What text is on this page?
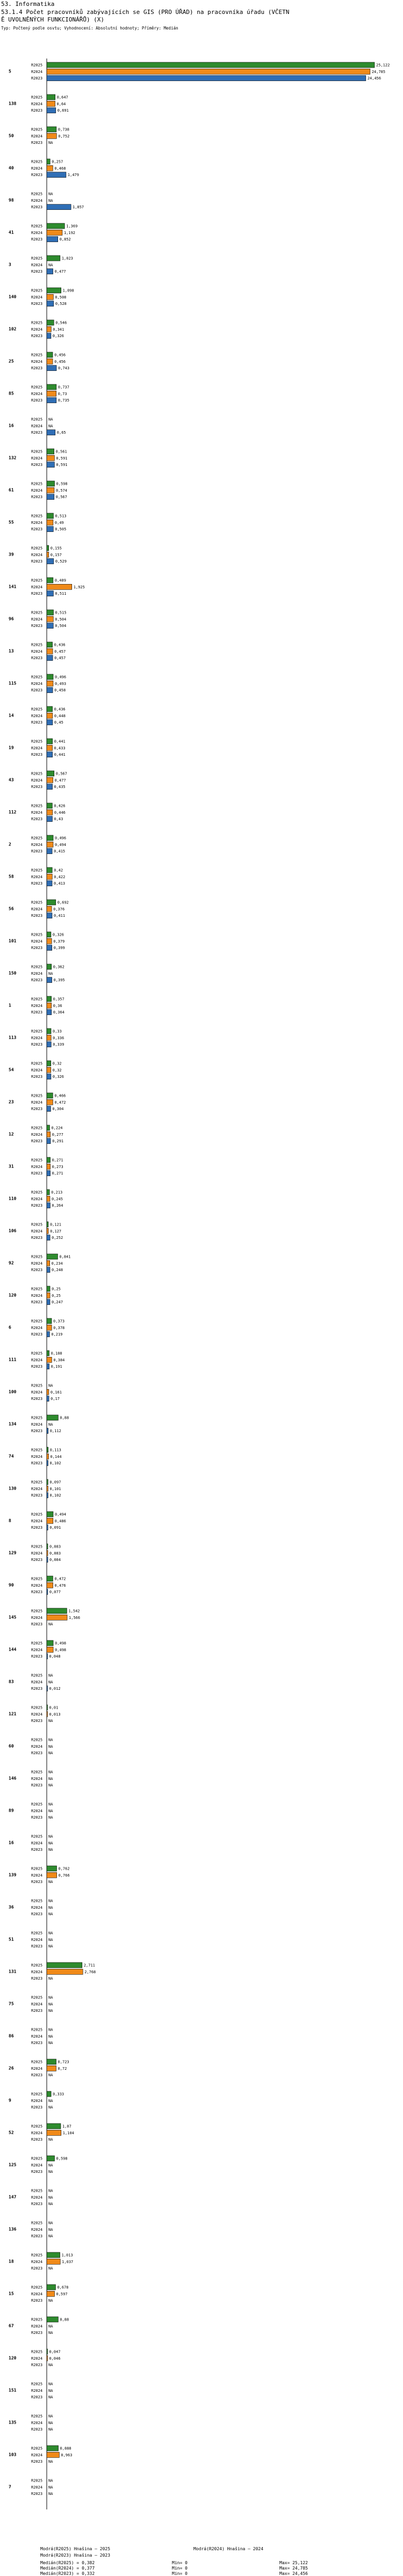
53. Informatika
53.1.4 Počet pracovníků zabývajících se GIS (PRO ÚŘAD) na pracovníka úřadu (VČETN
Ě UVOLNĚNÝCH FUNKCIONÁŘŮ) (X)
Typ: Počtený podle osvtu; Vyhodnocení: Absolutní hodnoty; Příměry: Medián
5
R2025	25,122
R2024	24,785
R2023	24,456
138
R2025	0,647
R2024	0,64
R2023	0,691
50
R2025	0,738
R2024	0,752
R2023 NA
40
R2025 0,257
R2024	0,468
R2023	1,479
98
R2025 NA
R2024 NA
R2023	1,857
41
R2025	1,369
R2024	1,192
R2023	0,852
3
R2025	1,023
R2024 NA
R2023	0,477
140
R2025	1,098
R2024	0,508
R2023	0,528
102
R2025	0,546
R2024	0,341
R2023	0,326
25
R2025	0,456
R2024	0,456
R2023	0,743
85
R2025	0,737
R2024	0,73
R2023	0,735
16
R2025 NA
R2024 NA
R2023	0,65
132
R2025	0,561
R2024	0,591
R2023	0,591
61
R2025	0,598
R2024	0,574
R2023	0,567
55
R2025	0,513
R2024	0,49
R2023	0,505
39
R2025 0,155
R2024 0,157
R2023	0,529
141
R2025	0,489
R2024	1,925
R2023	0,511
96
R2025	0,515
R2024	0,504
R2023	0,504
13
R2025	0,436
R2024	0,457
R2023	0,457
115
R2025	0,496
R2024	0,493
R2023	0,458
14
R2025	0,436
R2024	0,448
R2023	0,45
19
R2025	0,441
R2024	0,433
R2023	0,441
43
R2025	0,567
R2024	0,477
R2023	0,435
112
R2025	0,426
R2024	0,446
R2023	0,43
2
R2025	0,496
R2024	0,494
R2023	0,415
58
R2025	0,42
R2024	0,422
R2023	0,413
56
R2025	0,692
R2024	0,376
R2023	0,411
101
R2025	0,326
R2024	0,379
R2023	0,399
150
R2025	0,362
R2024 NA
R2023	0,395
1
R2025	0,357
R2024	0,36
R2023	0,364
113
R2025	0,33
R2024	0,336
R2023	0,339
54
R2025	0,32
R2024	0,32
R2023	0,326
23
R2025	0,466
R2024	0,472
R2023	0,304
12
R2025 0,224
R2024	0,277
R2023	0,291
31
R2025	0,271
R2024	0,273
R2023	0,271
110
R2025 0,213
R2024 0,245
R2023 0,264
106
R2025 0,121
R2024 0,127
R2023 0,252
92
R2025	0,841
R2024 0,234
R2023 0,248
120
R2025 0,25
R2024 0,25
R2023 0,247
6
R2025	0,373
R2024	0,378
R2023 0,219
111
R2025 0,188
R2024	0,384
R2023 0,191
100
R2025 NA
R2024 0,161
R2023 0,17
134
R2025	0,88
R2024 NA
R2023 0,112
74
R2025 0,113
R2024 0,144
R2023 0,102
130
R2025 0,097
R2024 0,101
R2023 0,102
8
R2025	0,494
R2024	0,486
R2023 0,091
129
R2025 0,083
R2024 0,083
R2023 0,084
90
R2025	0,472
R2024	0,476
R2023 0,077
145
R2025	1,542
R2024	1,566
R2023 NA
144
R2025	0,498
R2024	0,498
R2023 0,048
83
R2025 NA
R2024 NA
R2023 0,012
121
R2025 0,01
R2024 0,013
R2023 NA
60
R2025 NA
R2024 NA
R2023 NA
146
R2025 NA
R2024 NA
R2023 NA
89
R2025 NA
R2024 NA
R2023 NA
16
R2025 NA
R2024 NA
R2023 NA
139
R2025	0,762
R2024	0,766
R2023 NA
36
R2025 NA
R2024 NA
R2023 NA
51
R2025 NA
R2024 NA
R2023 NA
131
R2025	2,711
R2024	2,768
R2023 NA
75
R2025 NA
R2024 NA
R2023 NA
86
R2025 NA
R2024 NA
R2023 NA
26
R2025	0,723
R2024	0,72
R2023 NA
9
R2025	0,333
R2024 NA
R2023 NA
52
R2025	1,07
R2024	1,104
R2023 NA
125
R2025	0,598
R2024 NA
R2023 NA
147
R2025 NA
R2024 NA
R2023 NA
136
R2025 NA
R2024 NA
R2023 NA
18
R2025	1,013
R2024	1,037
R2023 NA
15
R2025	0,678
R2024	0,597
R2023 NA
67
R2025	0,88
R2024 NA
R2023 NA
120
R2025 0,047
R2024 0,046
R2023 NA
151
R2025 NA
R2024 NA
R2023 NA
135
R2025 NA
R2024 NA
R2023 NA
103
R2025	0,888
R2024	0,963
R2023 NA
7
R2025 NA
R2024 NA
R2023 NA
Modrá(R2025) Hnašina – 2025	Modrá(R2024) Hnašina – 2024
Modrá(R2023) Hnašina – 2023
Medián(R2025) = 0,382
Medián(R2024) = 0,377
Medián(R2023) = 0,332
Min= 0
Min= 0
Min= 0
Max= 25,122
Max= 24,785
Max= 24,456
